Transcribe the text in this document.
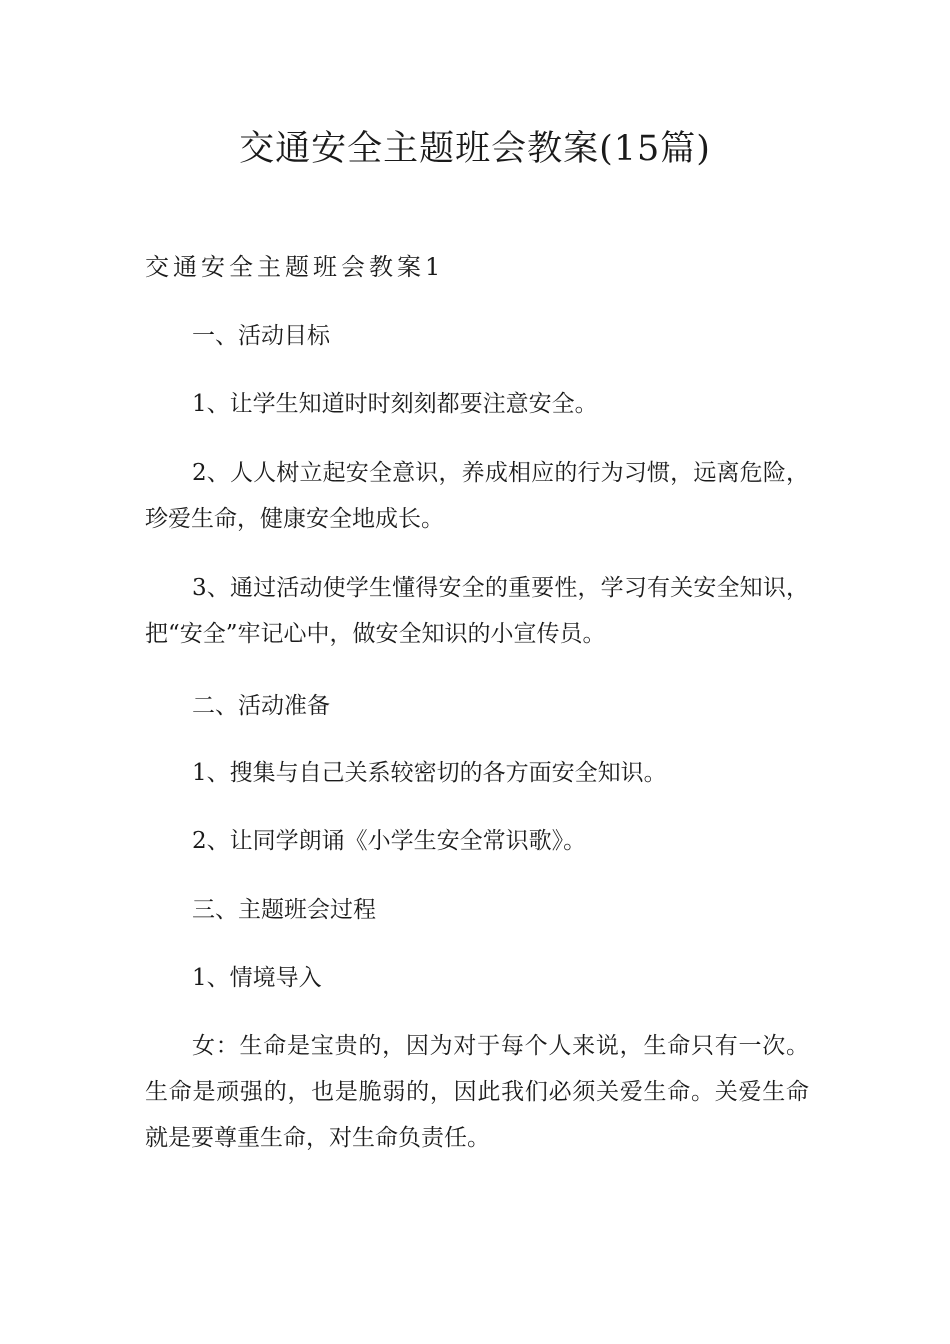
交通安全主题班会教案(15篇)
交通安全主题班会教案1

一、活动目标

1、让学生知道时时刻刻都要注意安全。

2、人人树立起安全意识，养成相应的行为习惯，远离危险，珍爱生命，健康安全地成长。

3、通过活动使学生懂得安全的重要性，学习有关安全知识，把“安全”牢记心中，做安全知识的小宣传员。

二、活动准备

1、搜集与自己关系较密切的各方面安全知识。

2、让同学朗诵《小学生安全常识歌》。

三、主题班会过程

1、情境导入

女：生命是宝贵的，因为对于每个人来说，生命只有一次。生命是顽强的，也是脆弱的，因此我们必须关爱生命。关爱生命就是要尊重生命，对生命负责任。
